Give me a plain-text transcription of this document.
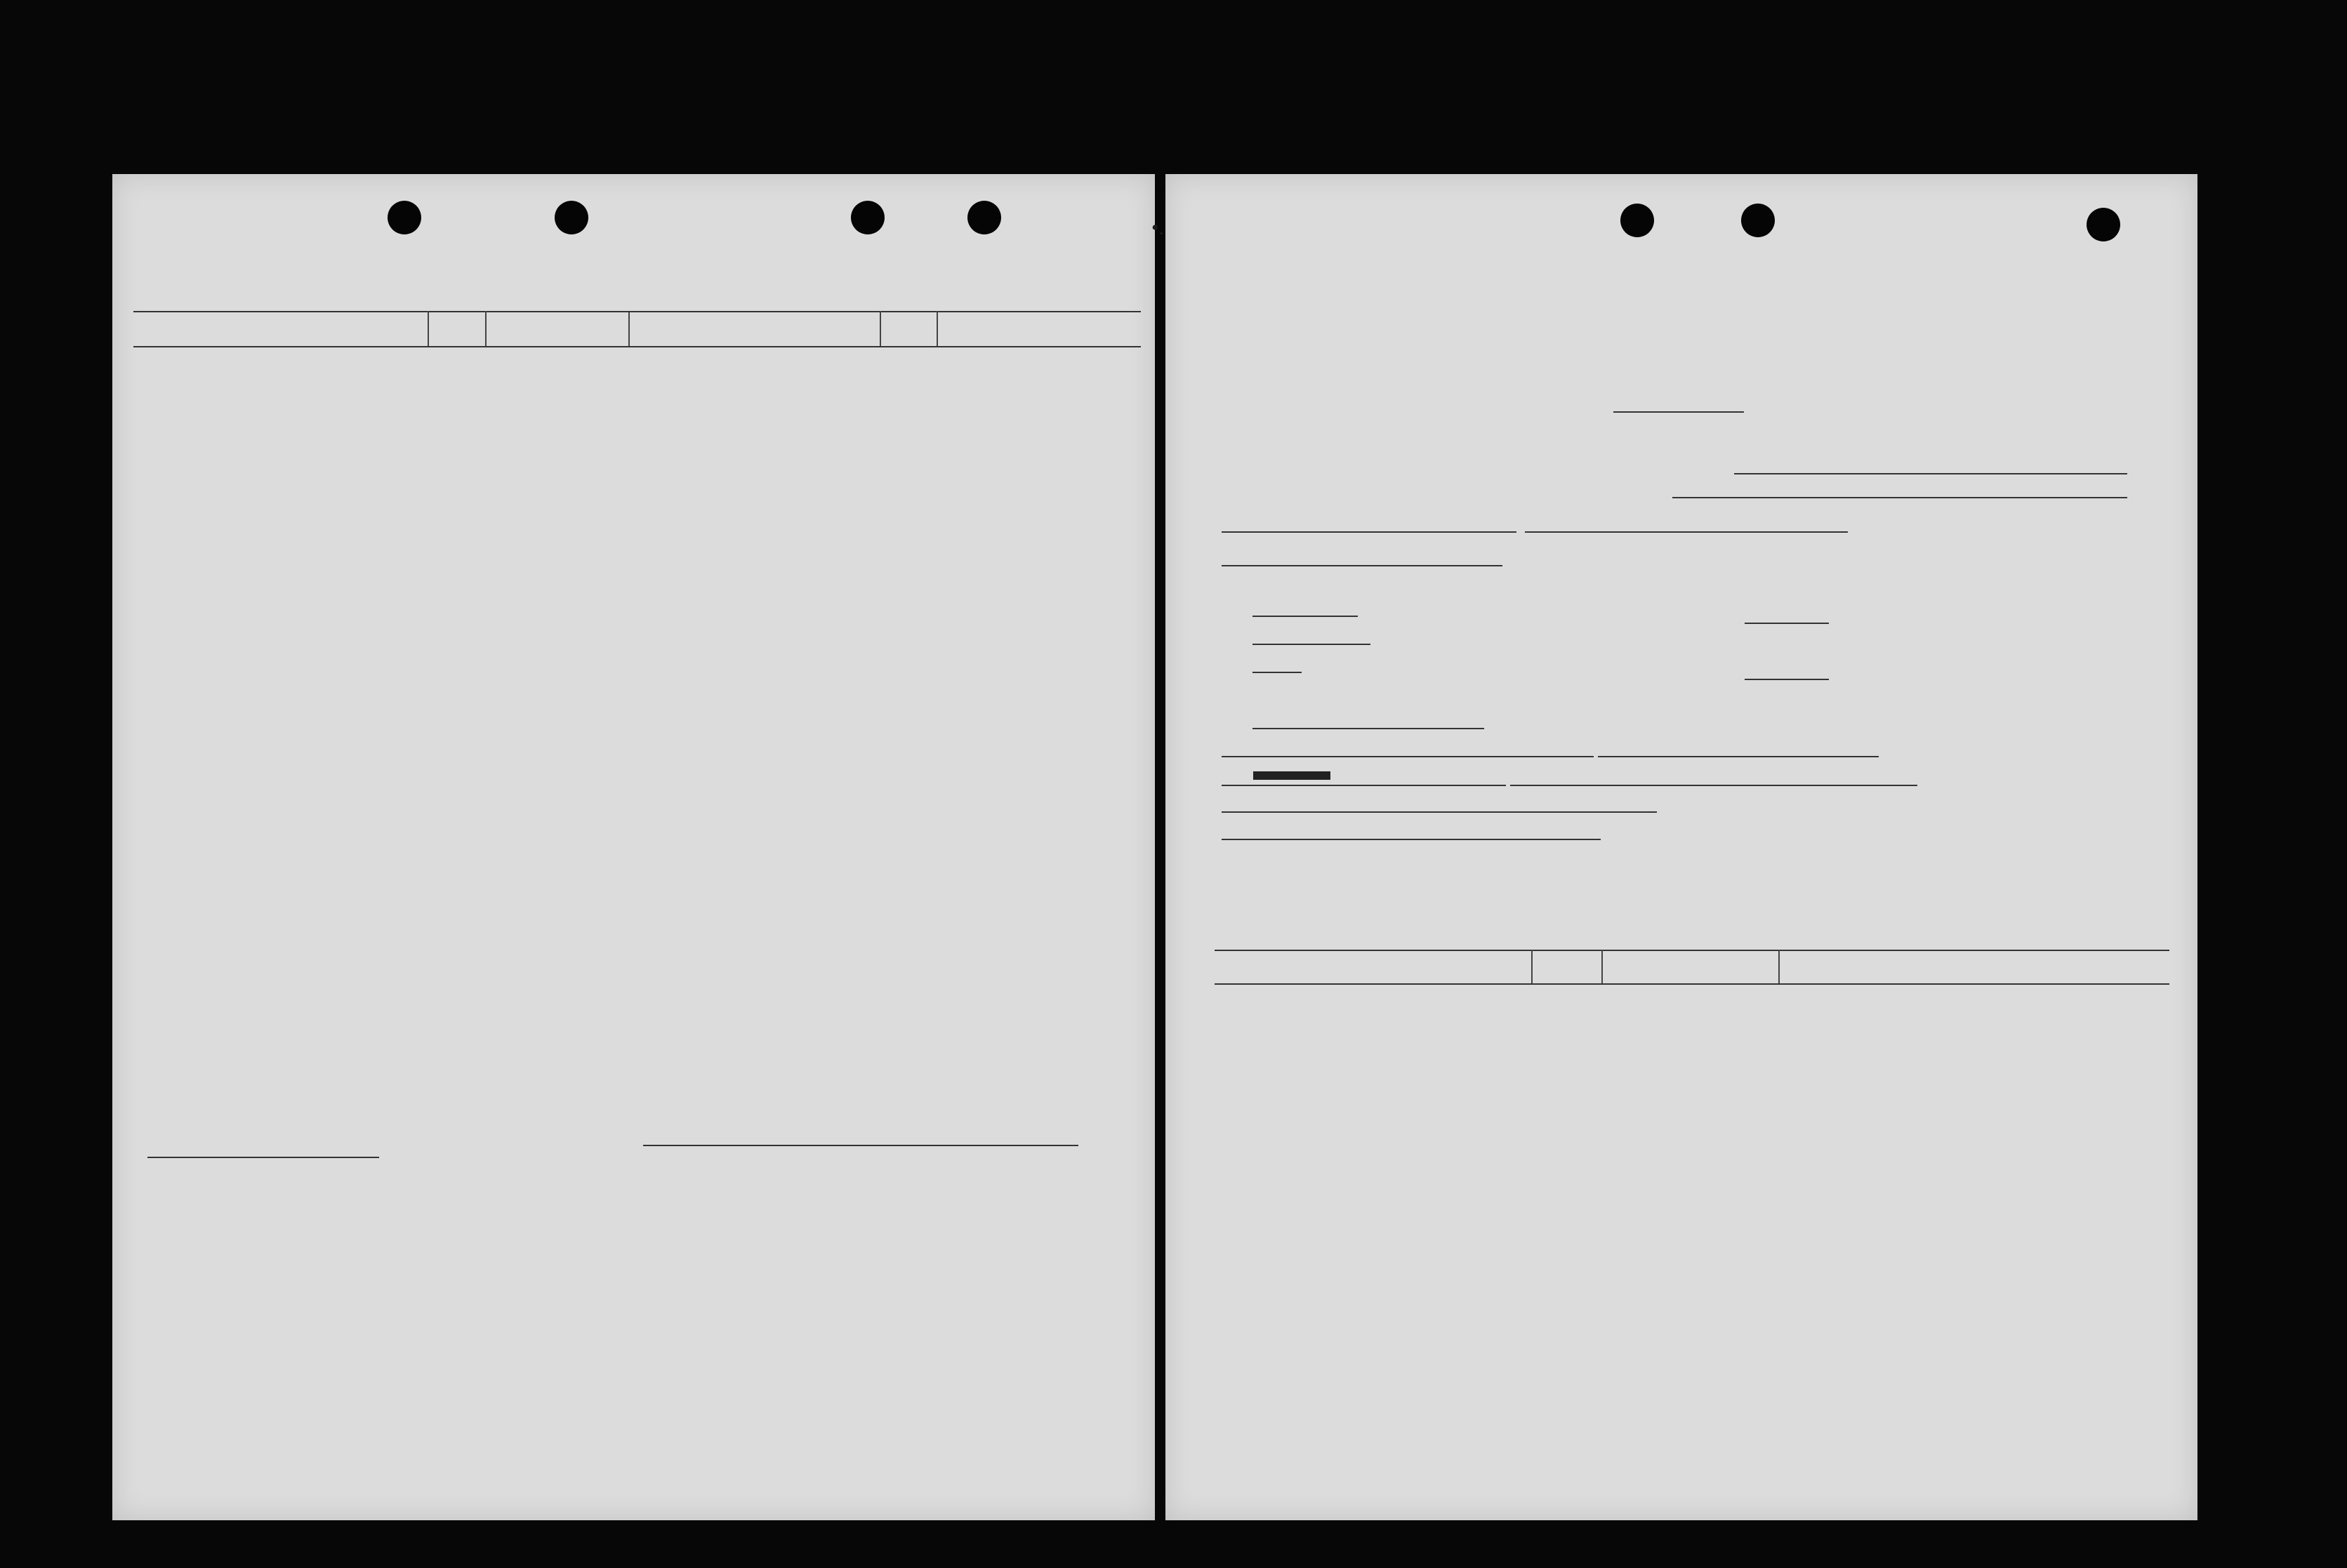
•.
